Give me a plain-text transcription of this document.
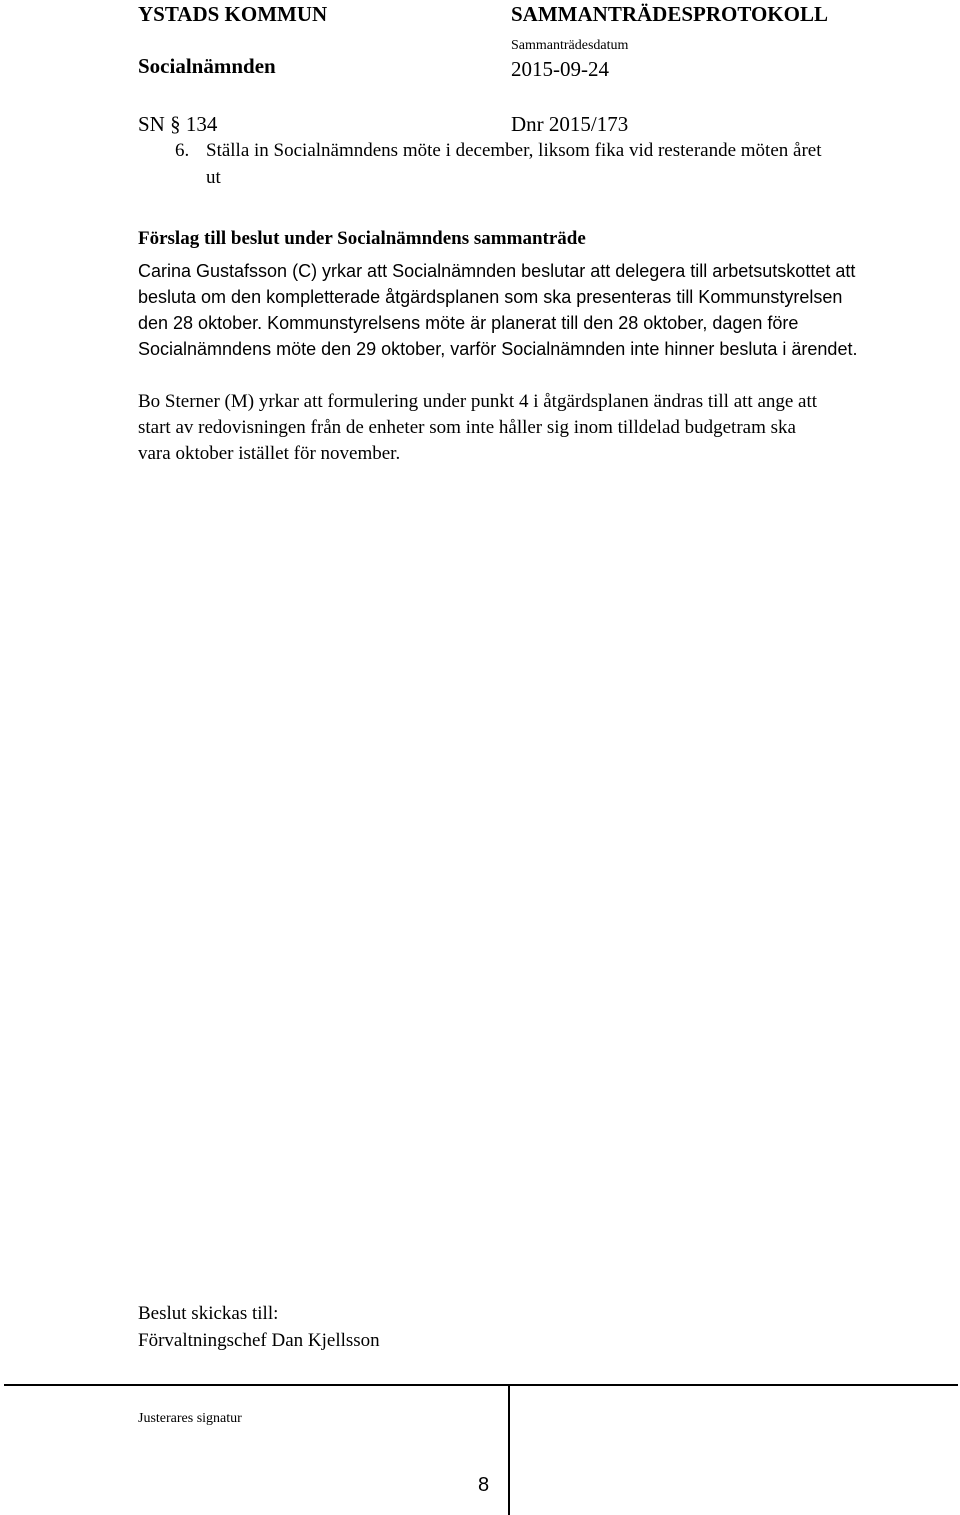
YSTADS KOMMUN	SAMMANTRÄDESPROTOKOLL
Socialnämnden
Sammanträdesdatum
2015-09-24
SN § 134	Dnr 2015/173
6. Ställa in Socialnämndens möte i december, liksom fika vid resterande möten året
ut
Förslag till beslut under Socialnämndens sammanträde
Carina Gustafsson (C) yrkar att Socialnämnden beslutar att delegera till arbetsutskottet att
besluta om den kompletterade åtgärdsplanen som ska presenteras till Kommunstyrelsen
den 28 oktober. Kommunstyrelsens möte är planerat till den 28 oktober, dagen före
Socialnämndens möte den 29 oktober, varför Socialnämnden inte hinner besluta i ärendet.
Bo Sterner (M) yrkar att formulering under punkt 4 i åtgärdsplanen ändras till att ange att
start av redovisningen från de enheter som inte håller sig inom tilldelad budgetram ska
vara oktober istället för november.
Beslut skickas till:
Förvaltningschef Dan Kjellsson
Justerares signatur
8
